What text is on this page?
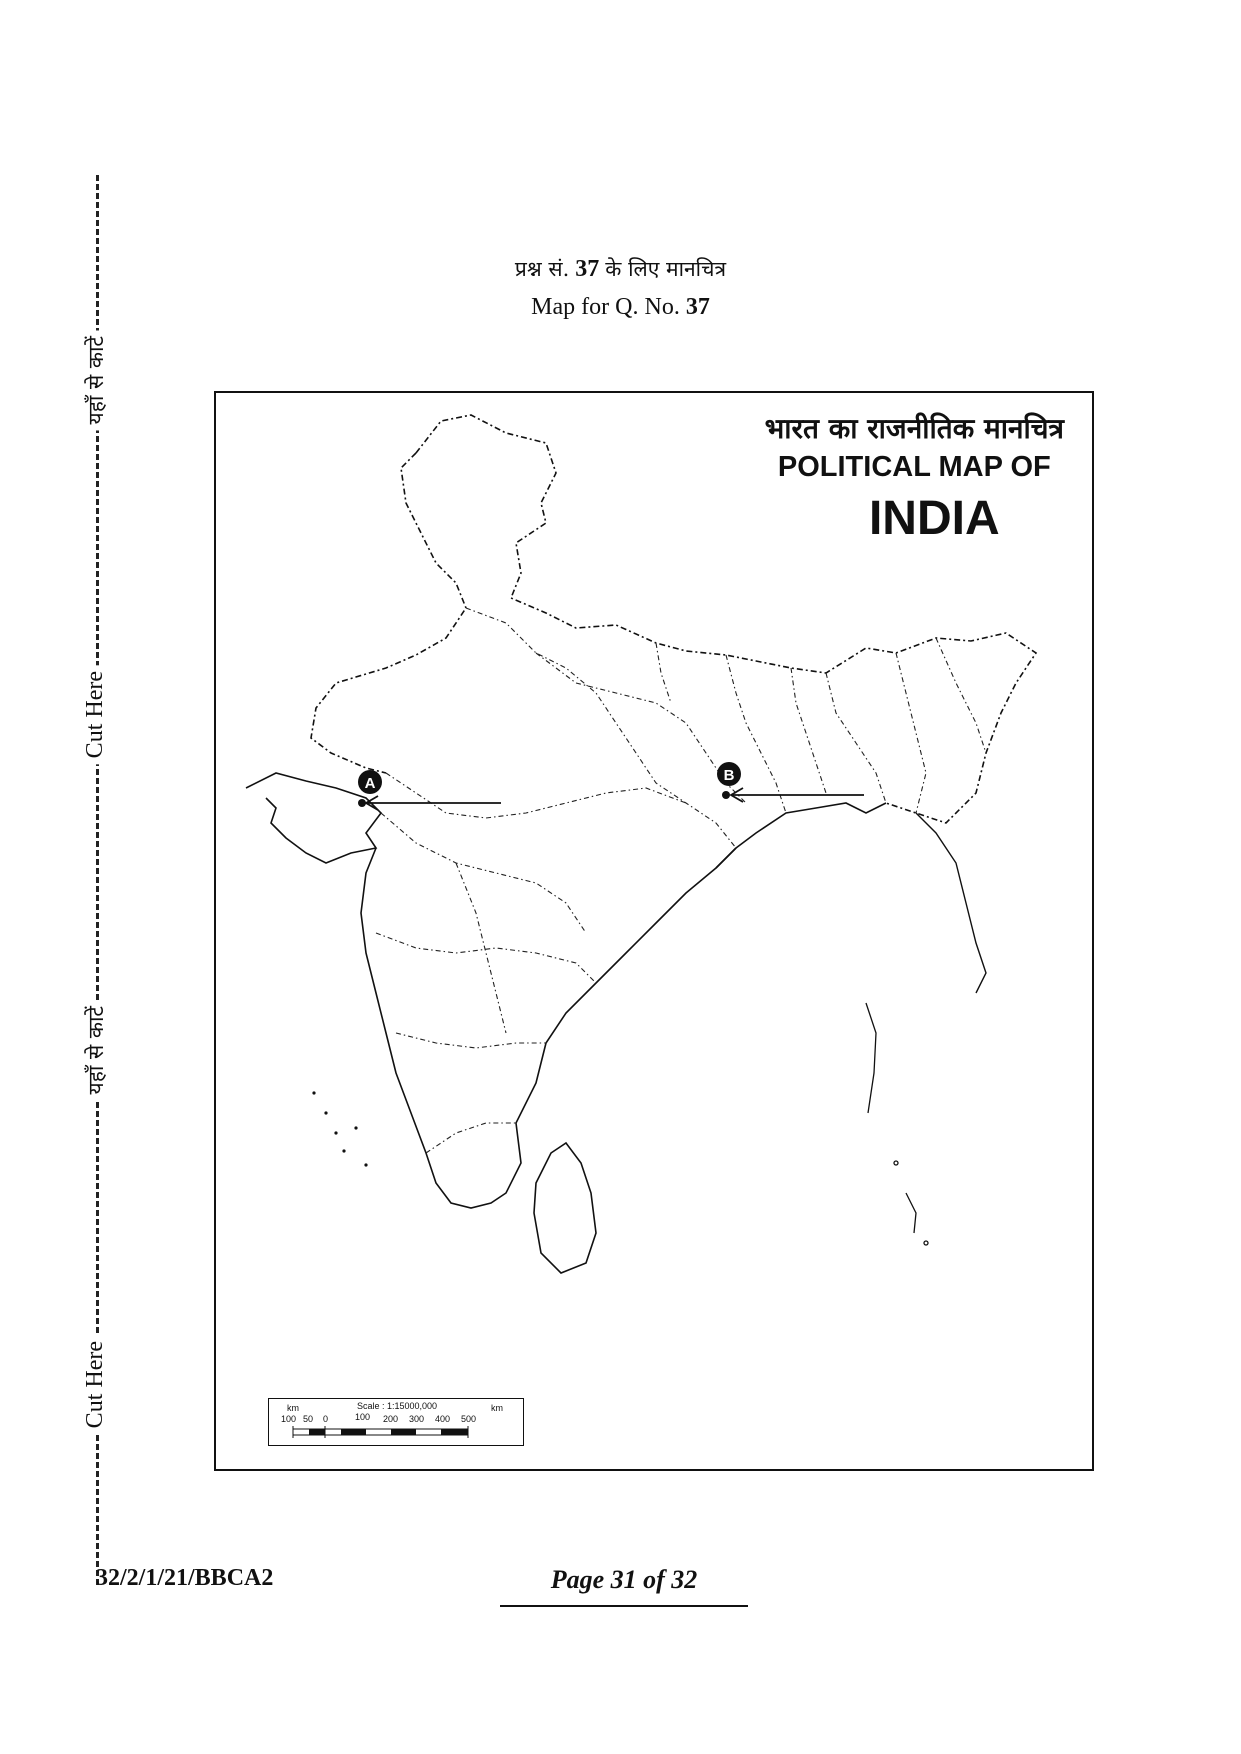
यहाँ से काटें
Cut Here
यहाँ से काटें
Cut Here
प्रश्न सं. 37 के लिए मानचित्र
Map for Q. No. 37
A	B
भारत का राजनीतिक मानचित्र
POLITICAL MAP OF
INDIA
km	Scale : 1:15000,000	km
100 50 0	100 200 300 400 500
32/2/1/21/BBCA2	Page 31 of 32
